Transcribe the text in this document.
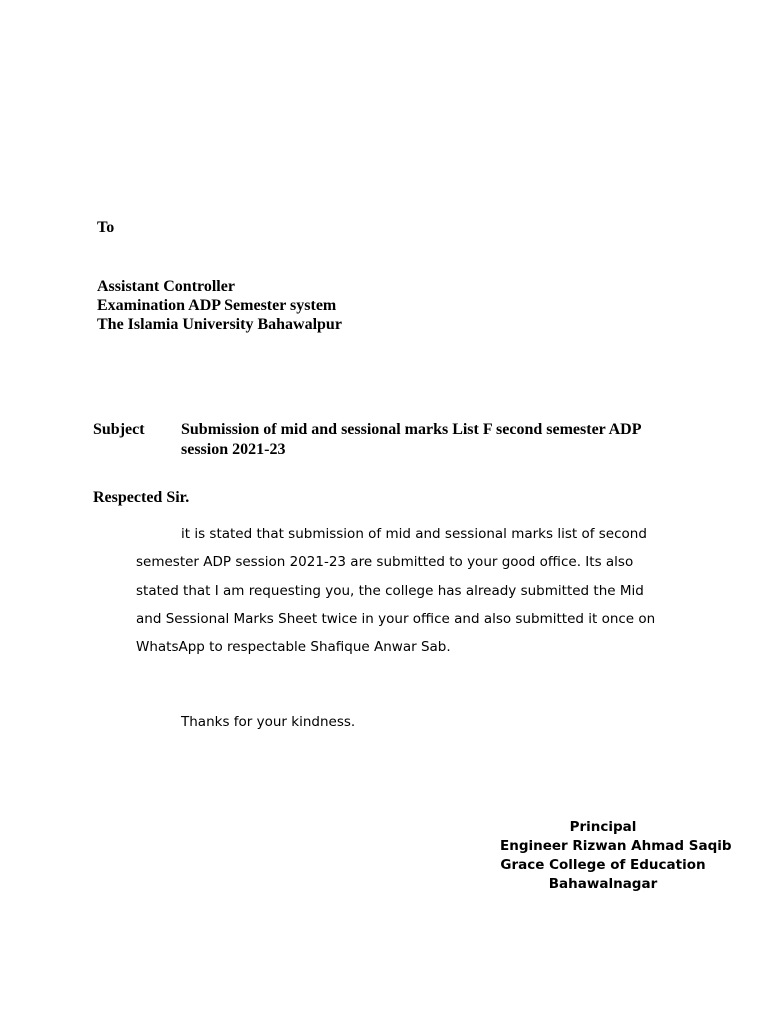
To
Assistant Controller
Examination ADP Semester system
The Islamia University Bahawalpur
Subject Submission of mid and sessional marks List F second semester ADP session 2021-23
Respected Sir.
it is stated that submission of mid and sessional marks list of second semester ADP session 2021-23 are submitted to your good office. Its also stated that I am requesting you, the college has already submitted the Mid and Sessional Marks Sheet twice in your office and also submitted it once on WhatsApp to respectable Shafique Anwar Sab.
Thanks for your kindness.
Principal
Engineer Rizwan Ahmad Saqib
Grace College of Education
Bahawalnagar
